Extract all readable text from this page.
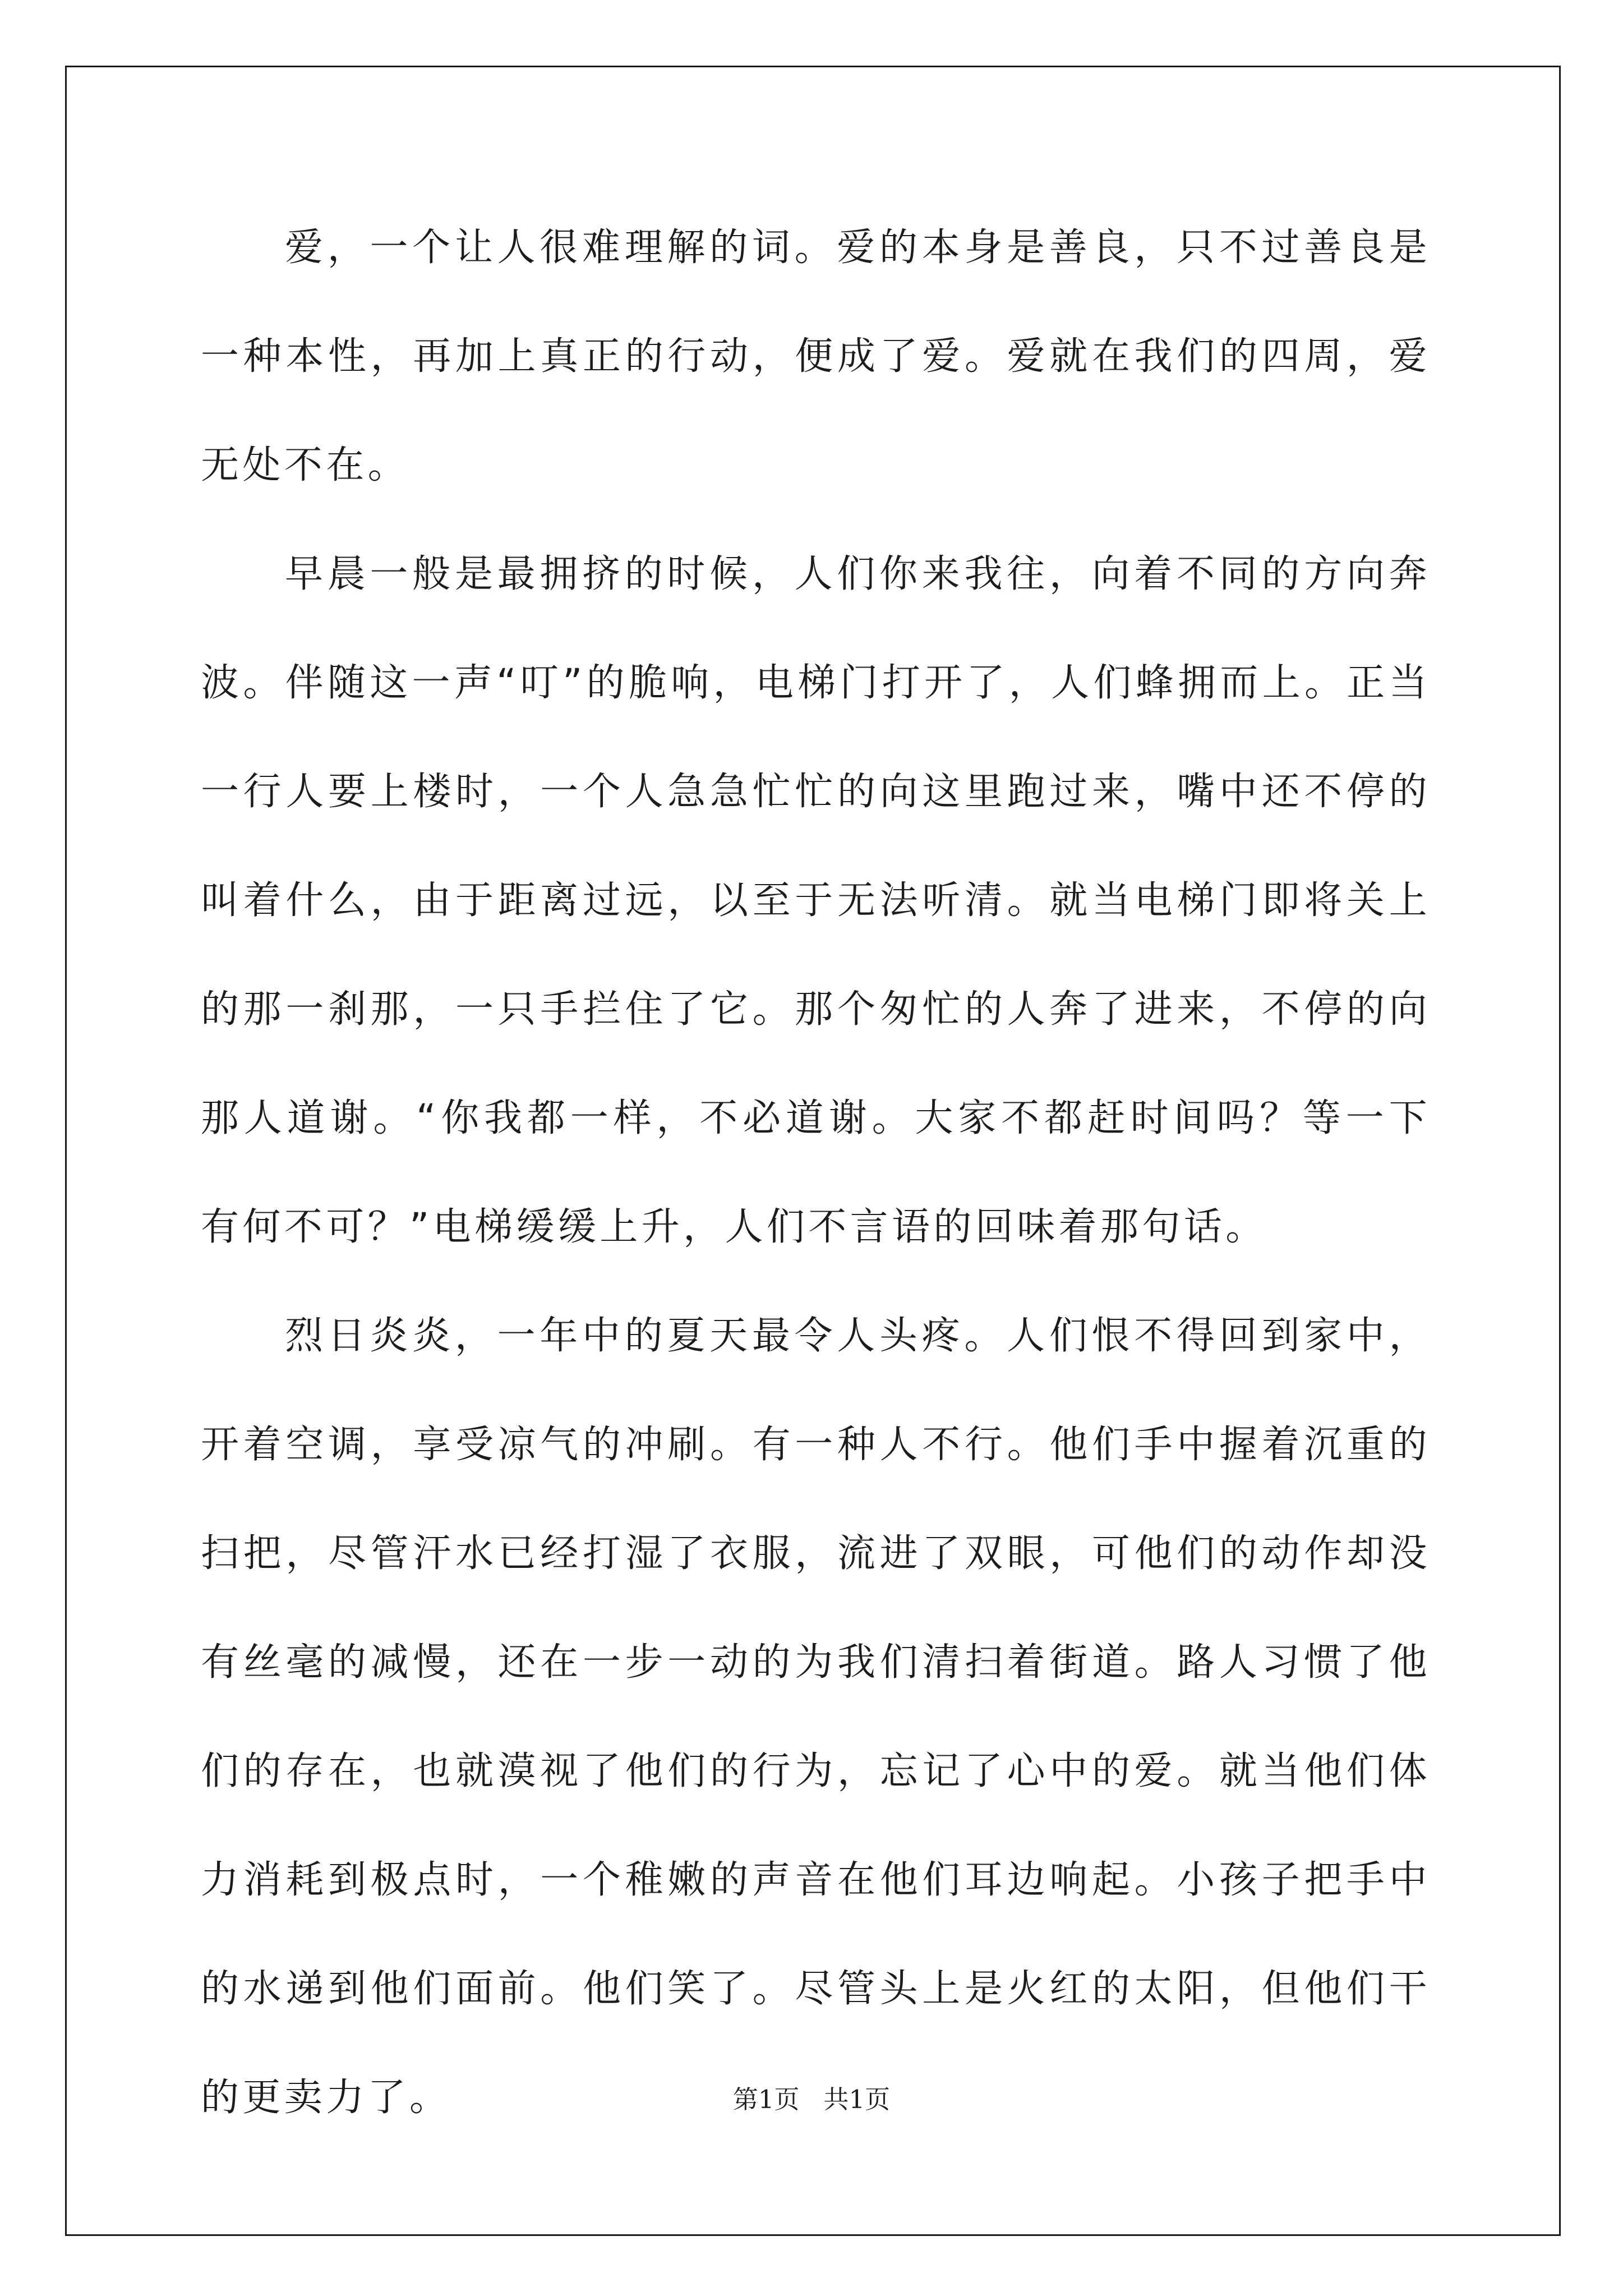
爱，一个让人很难理解的词。爱的本身是善良，只不过善良是一种本性，再加上真正的行动，便成了爱。爱就在我们的四周，爱无处不在。

早晨一般是最拥挤的时候，人们你来我往，向着不同的方向奔波。伴随这一声“叮”的脆响，电梯门打开了，人们蜂拥而上。正当一行人要上楼时，一个人急急忙忙的向这里跑过来，嘴中还不停的叫着什么，由于距离过远，以至于无法听清。就当电梯门即将关上的那一刹那，一只手拦住了它。那个匆忙的人奔了进来，不停的向那人道谢。“你我都一样，不必道谢。大家不都赶时间吗？等一下有何不可？”电梯缓缓上升，人们不言语的回味着那句话。

烈日炎炎，一年中的夏天最令人头疼。人们恨不得回到家中，开着空调，享受凉气的冲刷。有一种人不行。他们手中握着沉重的扫把，尽管汗水已经打湿了衣服，流进了双眼，可他们的动作却没有丝毫的减慢，还在一步一动的为我们清扫着街道。路人习惯了他们的存在，也就漠视了他们的行为，忘记了心中的爱。就当他们体力消耗到极点时，一个稚嫩的声音在他们耳边响起。小孩子把手中的水递到他们面前。他们笑了。尽管头上是火红的太阳，但他们干的更卖力了。	第1页   共1页
